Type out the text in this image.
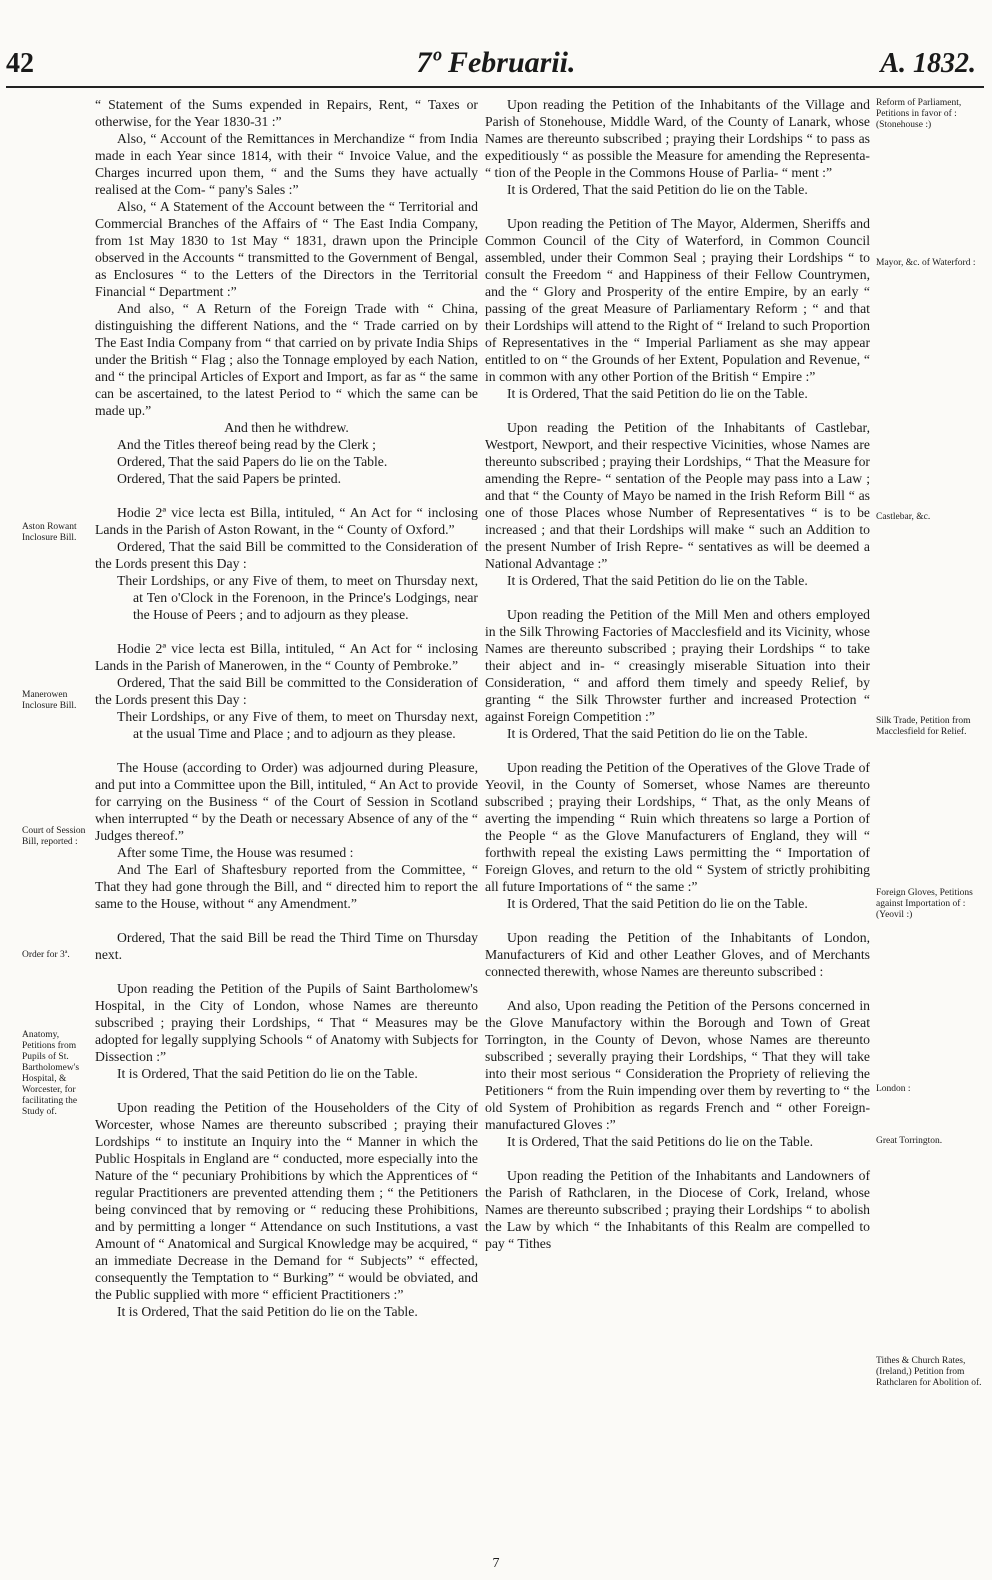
42	7º Februarii.	A. 1832.
“ Statement of the Sums expended in Repairs, Rent, “ Taxes or otherwise, for the Year 1830-31 :”
Also, “ Account of the Remittances in Merchandize “ from India made in each Year since 1814, with their “ Invoice Value, and the Charges incurred upon them, “ and the Sums they have actually realised at the Com- “ pany's Sales :”
Also, “ A Statement of the Account between the “ Territorial and Commercial Branches of the Affairs of “ The East India Company, from 1st May 1830 to 1st May “ 1831, drawn upon the Principle observed in the Accounts “ transmitted to the Government of Bengal, as Enclosures “ to the Letters of the Directors in the Territorial Financial “ Department :”
And also, “ A Return of the Foreign Trade with “ China, distinguishing the different Nations, and the “ Trade carried on by The East India Company from “ that carried on by private India Ships under the British “ Flag ; also the Tonnage employed by each Nation, and “ the principal Articles of Export and Import, as far as “ the same can be ascertained, to the latest Period to “ which the same can be made up.”
And then he withdrew.
And the Titles thereof being read by the Clerk ;
Ordered, That the said Papers do lie on the Table.
Ordered, That the said Papers be printed.
Hodie 2ª vice lecta est Billa, intituled, “ An Act for “ inclosing Lands in the Parish of Aston Rowant, in the “ County of Oxford.”
Ordered, That the said Bill be committed to the Consideration of the Lords present this Day :
Their Lordships, or any Five of them, to meet on Thursday next, at Ten o'Clock in the Forenoon, in the Prince's Lodgings, near the House of Peers ; and to adjourn as they please.
Hodie 2ª vice lecta est Billa, intituled, “ An Act for “ inclosing Lands in the Parish of Manerowen, in the “ County of Pembroke.”
Ordered, That the said Bill be committed to the Consideration of the Lords present this Day :
Their Lordships, or any Five of them, to meet on Thursday next, at the usual Time and Place ; and to adjourn as they please.
The House (according to Order) was adjourned during Pleasure, and put into a Committee upon the Bill, intituled, “ An Act to provide for carrying on the Business “ of the Court of Session in Scotland when interrupted “ by the Death or necessary Absence of any of the “ Judges thereof.”
After some Time, the House was resumed :
And The Earl of Shaftesbury reported from the Committee, “ That they had gone through the Bill, and “ directed him to report the same to the House, without “ any Amendment.”
Ordered, That the said Bill be read the Third Time on Thursday next.
Upon reading the Petition of the Pupils of Saint Bartholomew's Hospital, in the City of London, whose Names are thereunto subscribed ; praying their Lordships, “ That “ Measures may be adopted for legally supplying Schools “ of Anatomy with Subjects for Dissection :”
It is Ordered, That the said Petition do lie on the Table.
Upon reading the Petition of the Householders of the City of Worcester, whose Names are thereunto subscribed ; praying their Lordships “ to institute an Inquiry into the “ Manner in which the Public Hospitals in England are “ conducted, more especially into the Nature of the “ pecuniary Prohibitions by which the Apprentices of “ regular Practitioners are prevented attending them ; “ the Petitioners being convinced that by removing or “ reducing these Prohibitions, and by permitting a longer “ Attendance on such Institutions, a vast Amount of “ Anatomical and Surgical Knowledge may be acquired, “ an immediate Decrease in the Demand for “ Subjects” “ effected, consequently the Temptation to “ Burking” “ would be obviated, and the Public supplied with more “ efficient Practitioners :”
It is Ordered, That the said Petition do lie on the Table.
Upon reading the Petition of the Inhabitants of the Village and Parish of Stonehouse, Middle Ward, of the County of Lanark, whose Names are thereunto subscribed ; praying their Lordships “ to pass as expeditiously “ as possible the Measure for amending the Representa- “ tion of the People in the Commons House of Parlia- “ ment :”
It is Ordered, That the said Petition do lie on the Table.
Upon reading the Petition of The Mayor, Aldermen, Sheriffs and Common Council of the City of Waterford, in Common Council assembled, under their Common Seal ; praying their Lordships “ to consult the Freedom “ and Happiness of their Fellow Countrymen, and the “ Glory and Prosperity of the entire Empire, by an early “ passing of the great Measure of Parliamentary Reform ; “ and that their Lordships will attend to the Right of “ Ireland to such Proportion of Representatives in the “ Imperial Parliament as she may appear entitled to on “ the Grounds of her Extent, Population and Revenue, “ in common with any other Portion of the British “ Empire :”
It is Ordered, That the said Petition do lie on the Table.
Upon reading the Petition of the Inhabitants of Castlebar, Westport, Newport, and their respective Vicinities, whose Names are thereunto subscribed ; praying their Lordships, “ That the Measure for amending the Repre- “ sentation of the People may pass into a Law ; and that “ the County of Mayo be named in the Irish Reform Bill “ as one of those Places whose Number of Representatives “ is to be increased ; and that their Lordships will make “ such an Addition to the present Number of Irish Repre- “ sentatives as will be deemed a National Advantage :”
It is Ordered, That the said Petition do lie on the Table.
Upon reading the Petition of the Mill Men and others employed in the Silk Throwing Factories of Macclesfield and its Vicinity, whose Names are thereunto subscribed ; praying their Lordships “ to take their abject and in- “ creasingly miserable Situation into their Consideration, “ and afford them timely and speedy Relief, by granting “ the Silk Throwster further and increased Protection “ against Foreign Competition :”
It is Ordered, That the said Petition do lie on the Table.
Upon reading the Petition of the Operatives of the Glove Trade of Yeovil, in the County of Somerset, whose Names are thereunto subscribed ; praying their Lordships, “ That, as the only Means of averting the impending “ Ruin which threatens so large a Portion of the People “ as the Glove Manufacturers of England, they will “ forthwith repeal the existing Laws permitting the “ Importation of Foreign Gloves, and return to the old “ System of strictly prohibiting all future Importations of “ the same :”
It is Ordered, That the said Petition do lie on the Table.
Upon reading the Petition of the Inhabitants of London, Manufacturers of Kid and other Leather Gloves, and of Merchants connected therewith, whose Names are thereunto subscribed :
And also, Upon reading the Petition of the Persons concerned in the Glove Manufactory within the Borough and Town of Great Torrington, in the County of Devon, whose Names are thereunto subscribed ; severally praying their Lordships, “ That they will take into their most serious “ Consideration the Propriety of relieving the Petitioners “ from the Ruin impending over them by reverting to “ the old System of Prohibition as regards French and “ other Foreign-manufactured Gloves :”
It is Ordered, That the said Petitions do lie on the Table.
Upon reading the Petition of the Inhabitants and Landowners of the Parish of Rathclaren, in the Diocese of Cork, Ireland, whose Names are thereunto subscribed ; praying their Lordships “ to abolish the Law by which “ the Inhabitants of this Realm are compelled to pay “ Tithes
Aston Rowant Inclosure Bill.
Manerowen Inclosure Bill.
Court of Session Bill, reported :
Order for 3ª.
Anatomy, Petitions from Pupils of St. Bartholomew's Hospital, & Worcester, for facilitating the Study of.
Reform of Parliament, Petitions in favor of : (Stonehouse :)
Mayor, &c. of Waterford :
Castlebar, &c.
Silk Trade, Petition from Macclesfield for Relief.
Foreign Gloves, Petitions against Importation of : (Yeovil :)
London :
Great Torrington.
Tithes & Church Rates, (Ireland,) Petition from Rathclaren for Abolition of.
7
